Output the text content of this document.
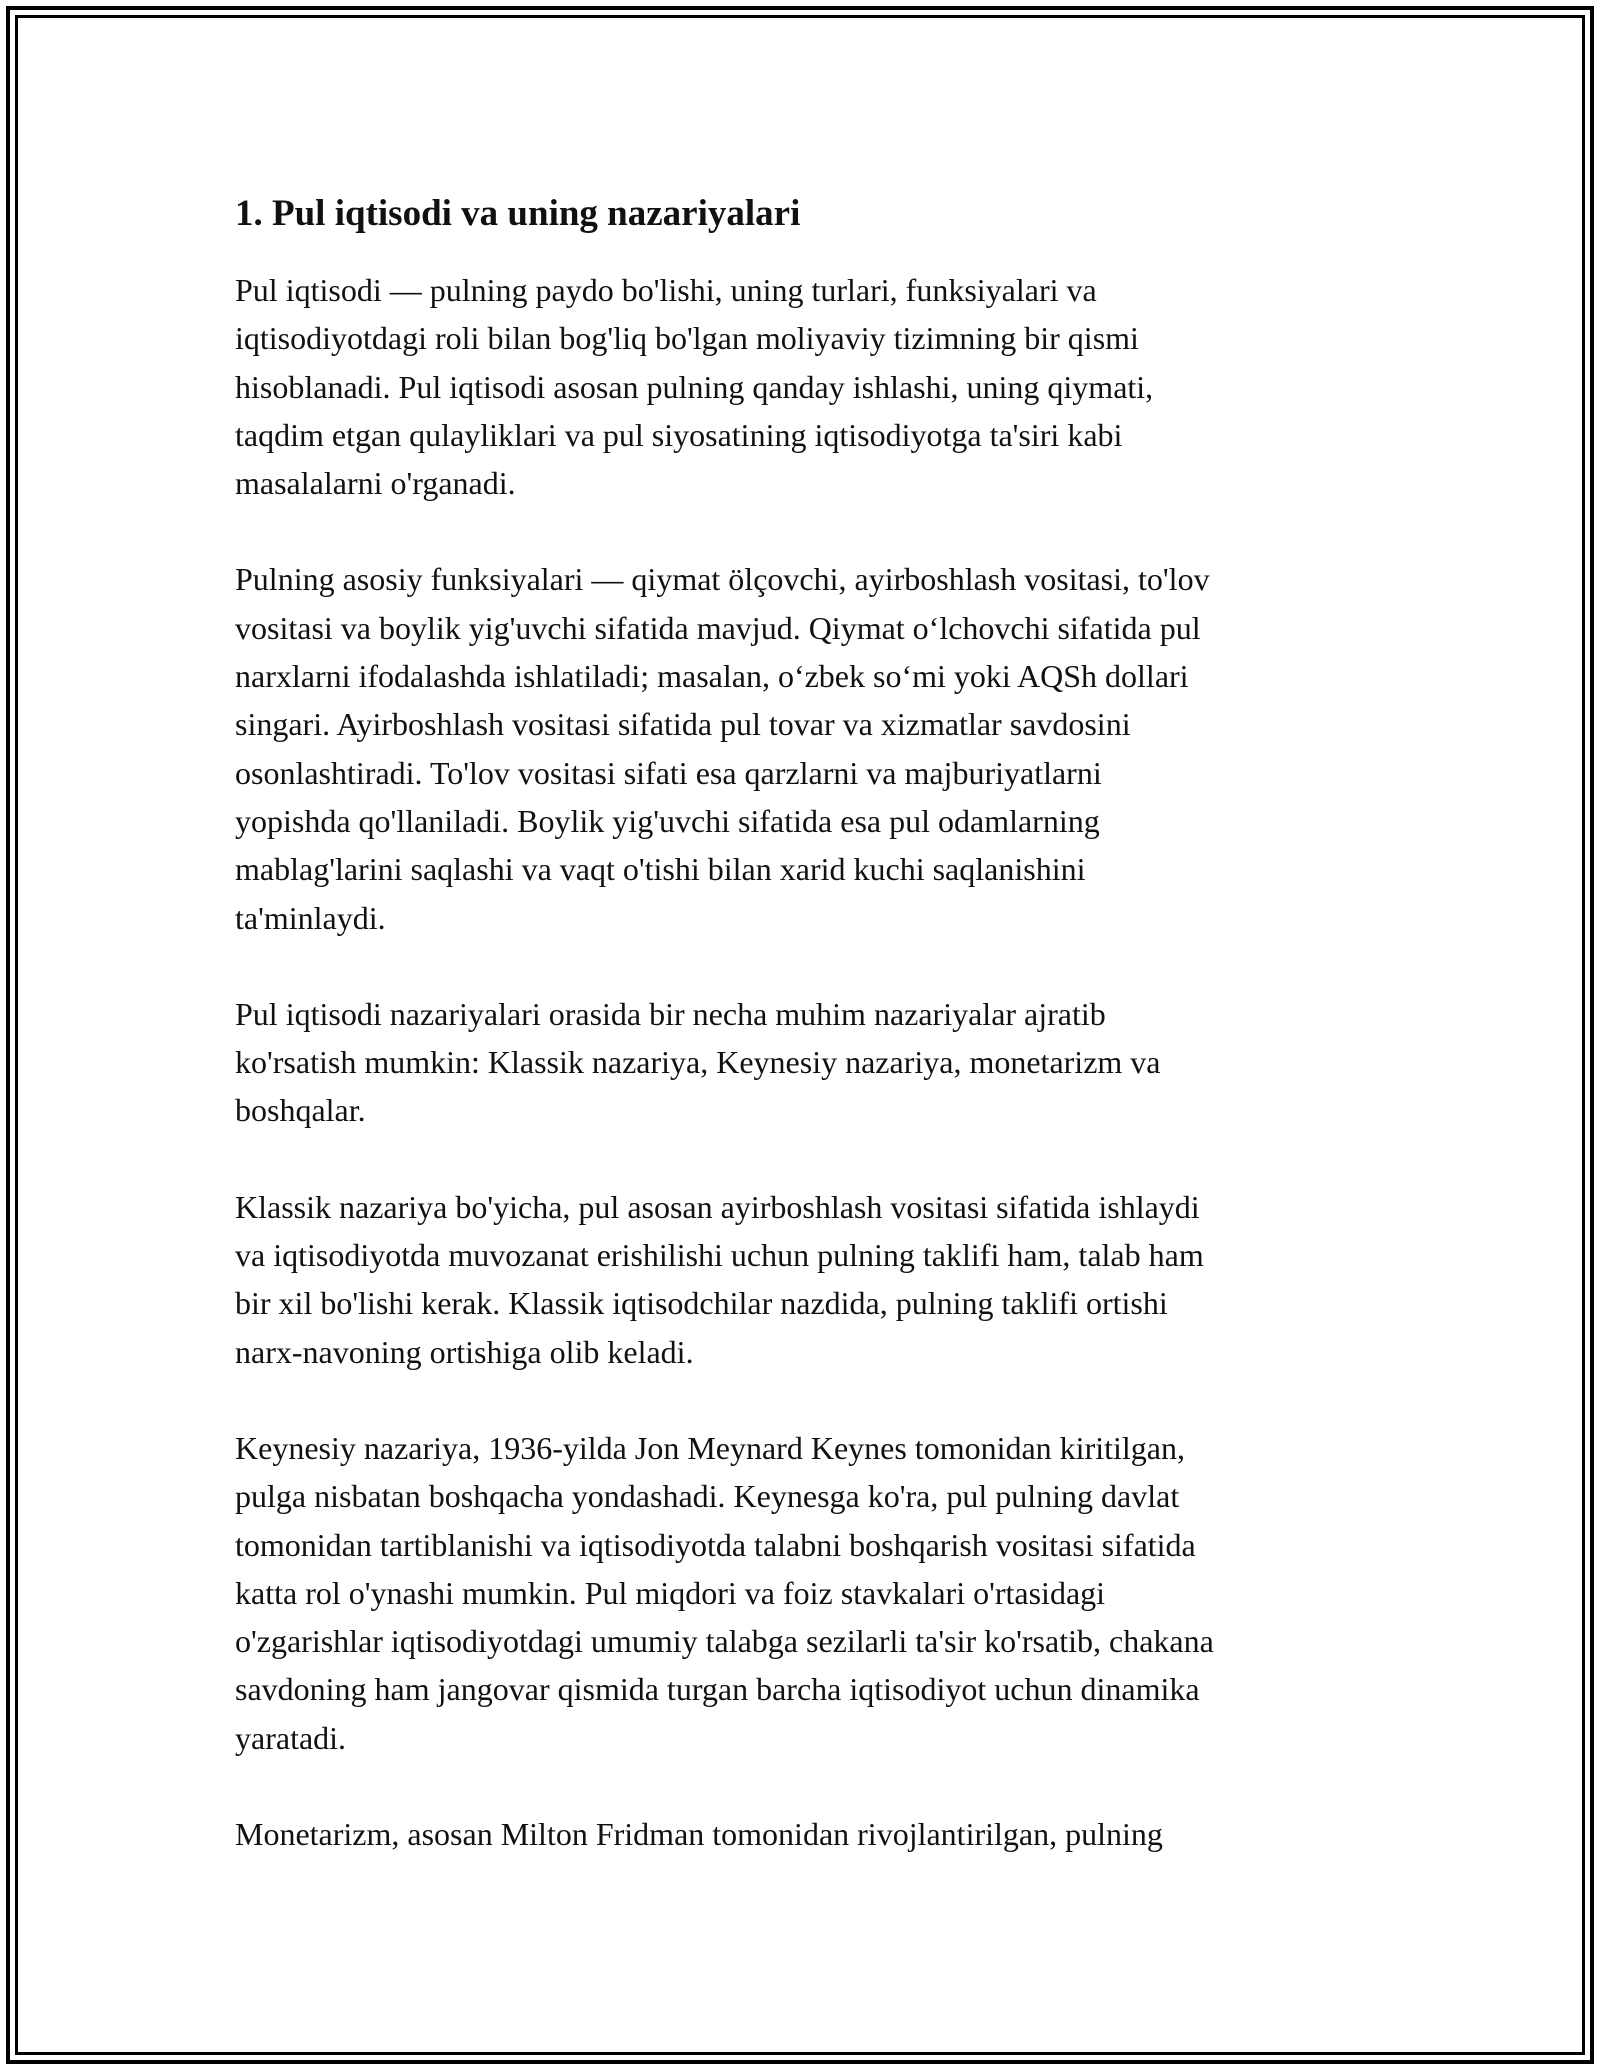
1. Pul iqtisodi va uning nazariyalari

Pul iqtisodi — pulning paydo bo'lishi, uning turlari, funksiyalari va
iqtisodiyotdagi roli bilan bog'liq bo'lgan moliyaviy tizimning bir qismi
hisoblanadi. Pul iqtisodi asosan pulning qanday ishlashi, uning qiymati,
taqdim etgan qulayliklari va pul siyosatining iqtisodiyotga ta'siri kabi
masalalarni o'rganadi.

Pulning asosiy funksiyalari — qiymat ölçovchi, ayirboshlash vositasi, to'lov
vositasi va boylik yig'uvchi sifatida mavjud. Qiymat o‘lchovchi sifatida pul
narxlarni ifodalashda ishlatiladi; masalan, o‘zbek so‘mi yoki AQSh dollari
singari. Ayirboshlash vositasi sifatida pul tovar va xizmatlar savdosini
osonlashtiradi. To'lov vositasi sifati esa qarzlarni va majburiyatlarni
yopishda qo'llaniladi. Boylik yig'uvchi sifatida esa pul odamlarning
mablag'larini saqlashi va vaqt o'tishi bilan xarid kuchi saqlanishini
ta'minlaydi.

Pul iqtisodi nazariyalari orasida bir necha muhim nazariyalar ajratib
ko'rsatish mumkin: Klassik nazariya, Keynesiy nazariya, monetarizm va
boshqalar.

Klassik nazariya bo'yicha, pul asosan ayirboshlash vositasi sifatida ishlaydi
va iqtisodiyotda muvozanat erishilishi uchun pulning taklifi ham, talab ham
bir xil bo'lishi kerak. Klassik iqtisodchilar nazdida, pulning taklifi ortishi
narx-navoning ortishiga olib keladi.

Keynesiy nazariya, 1936-yilda Jon Meynard Keynes tomonidan kiritilgan,
pulga nisbatan boshqacha yondashadi. Keynesga ko'ra, pul pulning davlat
tomonidan tartiblanishi va iqtisodiyotda talabni boshqarish vositasi sifatida
katta rol o'ynashi mumkin. Pul miqdori va foiz stavkalari o'rtasidagi
o'zgarishlar iqtisodiyotdagi umumiy talabga sezilarli ta'sir ko'rsatib, chakana
savdoning ham jangovar qismida turgan barcha iqtisodiyot uchun dinamika
yaratadi.

Monetarizm, asosan Milton Fridman tomonidan rivojlantirilgan, pulning
